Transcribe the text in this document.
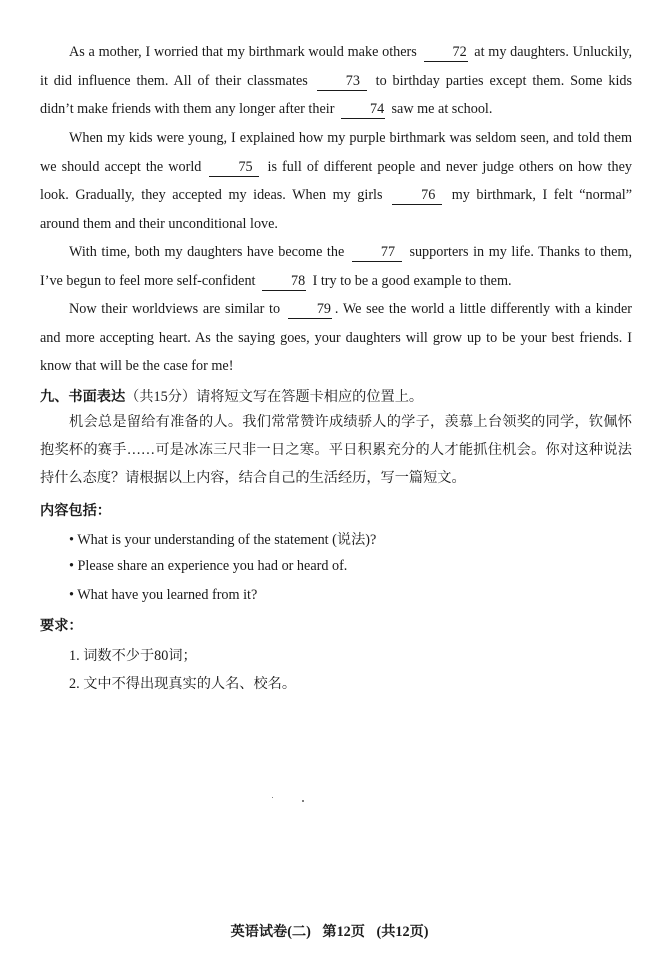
As a mother, I worried that my birthmark would make others	72 at my daughters. Unluckily, it did influence them. All of their classmates	73 to birthday parties except them. Some kids didn’t make friends with them any longer after their	74 saw me at school.
When my kids were young, I explained how my purple birthmark was seldom seen, and told them we should accept the world	75 is full of different people and never judge others on how they look. Gradually, they accepted my ideas. When my girls	76 my birthmark, I felt “normal” around them and their unconditional love.
With time, both my daughters have become the	77 supporters in my life. Thanks to them, I’ve begun to feel more self-confident	78 I try to be a good example to them.
Now their worldviews are similar to	79 . We see the world a little differently with a kinder and more accepting heart. As the saying goes, your daughters will grow up to be your best friends. I know that will be the case for me!
九、书面表达（共15分）请将短文写在答题卡相应的位置上。
机会总是留给有准备的人。我们常常赞许成绩骄人的学子，羡慕上台领奖的同学，钦佩怀抱奖杯的赛手……可是冰冻三尺非一日之寒。平日积累充分的人才能抓住机会。你对这种说法持什么态度？请根据以上内容，结合自己的生活经历，写一篇短文。
内容包括：
• What is your understanding of the statement (说法)?
• Please share an experience you had or heard of.
• What have you learned from it?
要求：
1. 词数不少于80词；
2. 文中不得出现真实的人名、校名。
英语试卷(二) 第12页 (共12页)
